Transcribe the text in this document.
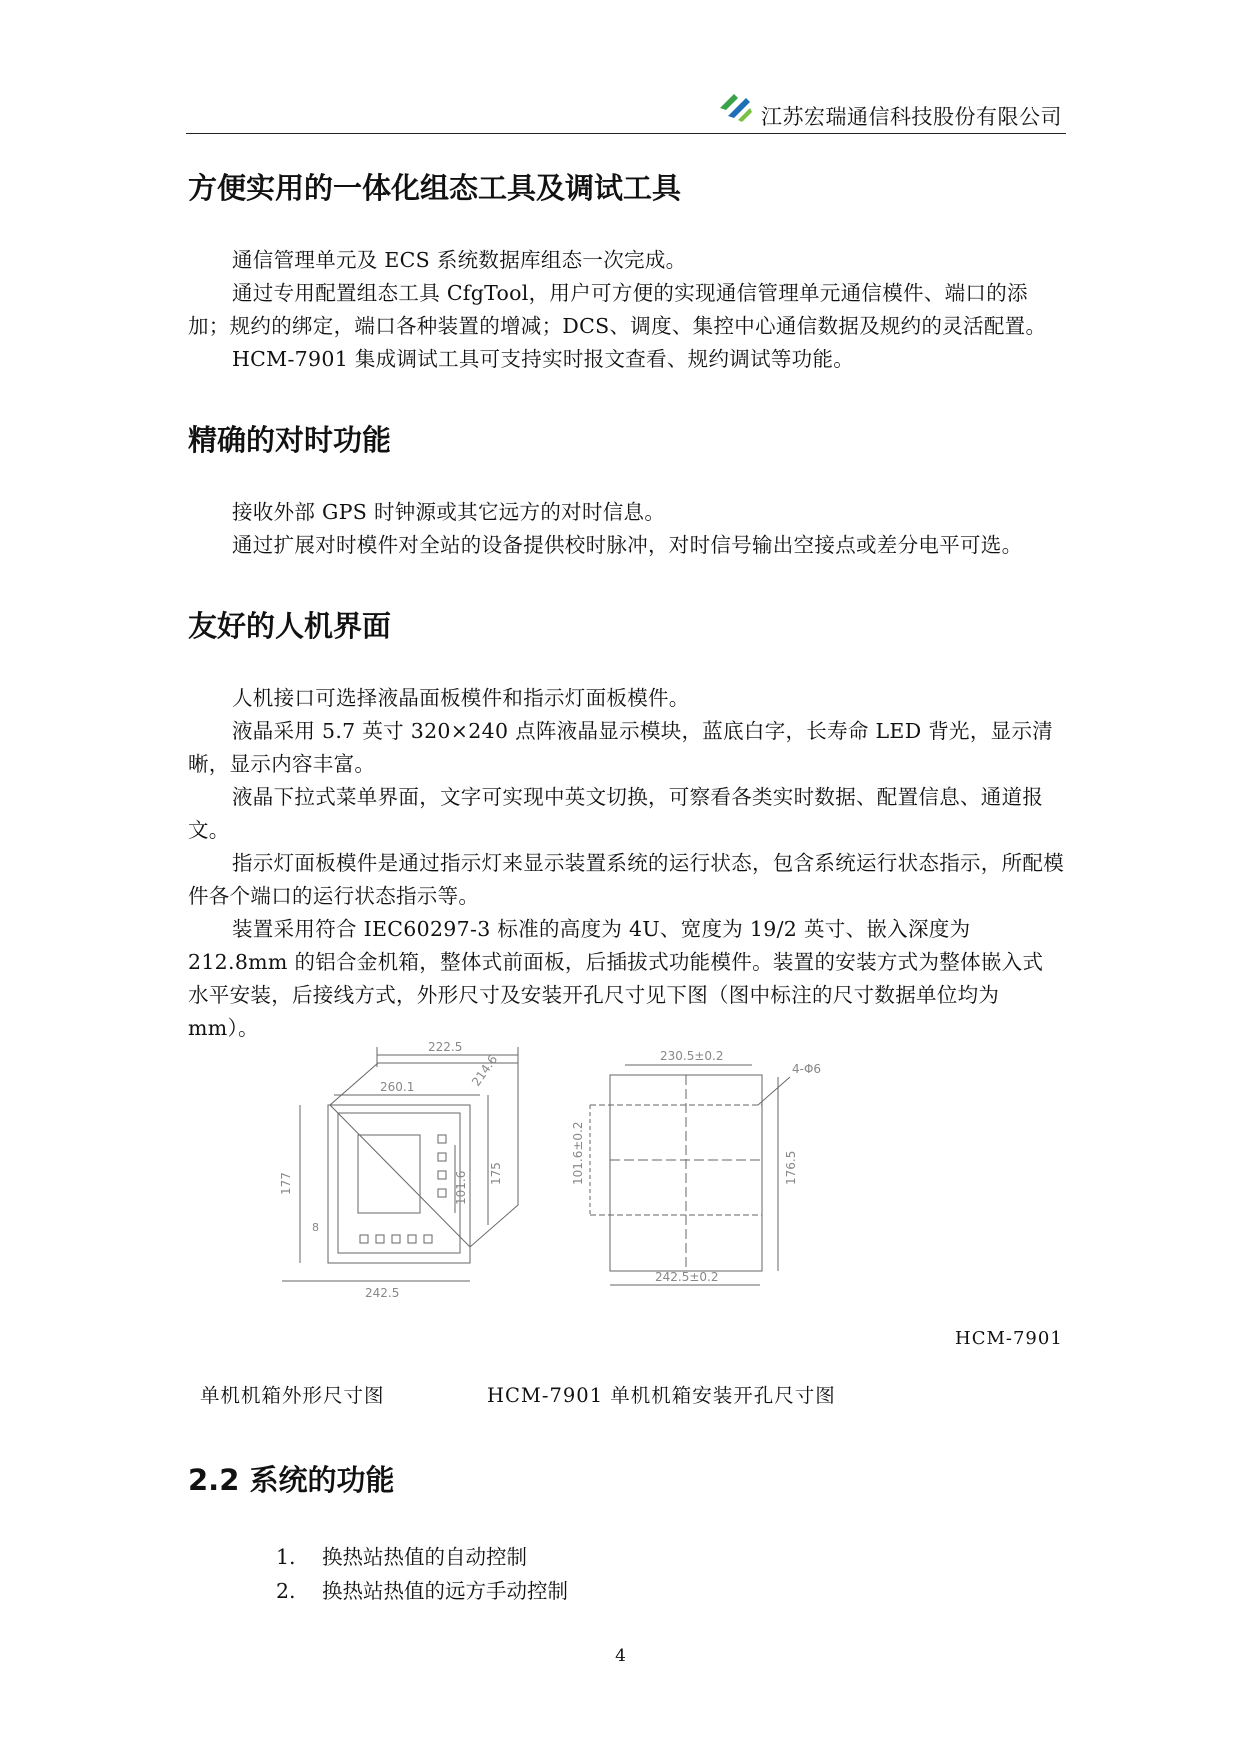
江苏宏瑞通信科技股份有限公司
方便实用的一体化组态工具及调试工具

通信管理单元及 ECS 系统数据库组态一次完成。

通过专用配置组态工具 CfgTool，用户可方便的实现通信管理单元通信模件、端口的添加；规约的绑定，端口各种装置的增减；DCS、调度、集控中心通信数据及规约的灵活配置。

HCM-7901 集成调试工具可支持实时报文查看、规约调试等功能。

精确的对时功能

接收外部 GPS 时钟源或其它远方的对时信息。

通过扩展对时模件对全站的设备提供校时脉冲，对时信号输出空接点或差分电平可选。

友好的人机界面

人机接口可选择液晶面板模件和指示灯面板模件。

液晶采用 5.7 英寸 320×240 点阵液晶显示模块，蓝底白字，长寿命 LED 背光，显示清晰，显示内容丰富。

液晶下拉式菜单界面，文字可实现中英文切换，可察看各类实时数据、配置信息、通道报文。

指示灯面板模件是通过指示灯来显示装置系统的运行状态，包含系统运行状态指示，所配模件各个端口的运行状态指示等。

装置采用符合 IEC60297-3 标准的高度为 4U、宽度为 19/2 英寸、嵌入深度为 212.8mm 的铝合金机箱，整体式前面板，后插拔式功能模件。装置的安装方式为整体嵌入式水平安装，后接线方式，外形尺寸及安装开孔尺寸见下图（图中标注的尺寸数据单位均为 mm）。

222.5
260.1
177	175
101.6
214.6
8
242.5
230.5±0.2
4-Φ6
101.6±0.2	176.5
242.5±0.2
HCM-7901
单机机箱外形尺寸图	HCM-7901 单机机箱安装开孔尺寸图
2.2 系统的功能
1. 换热站热值的自动控制
2. 换热站热值的远方手动控制
4
